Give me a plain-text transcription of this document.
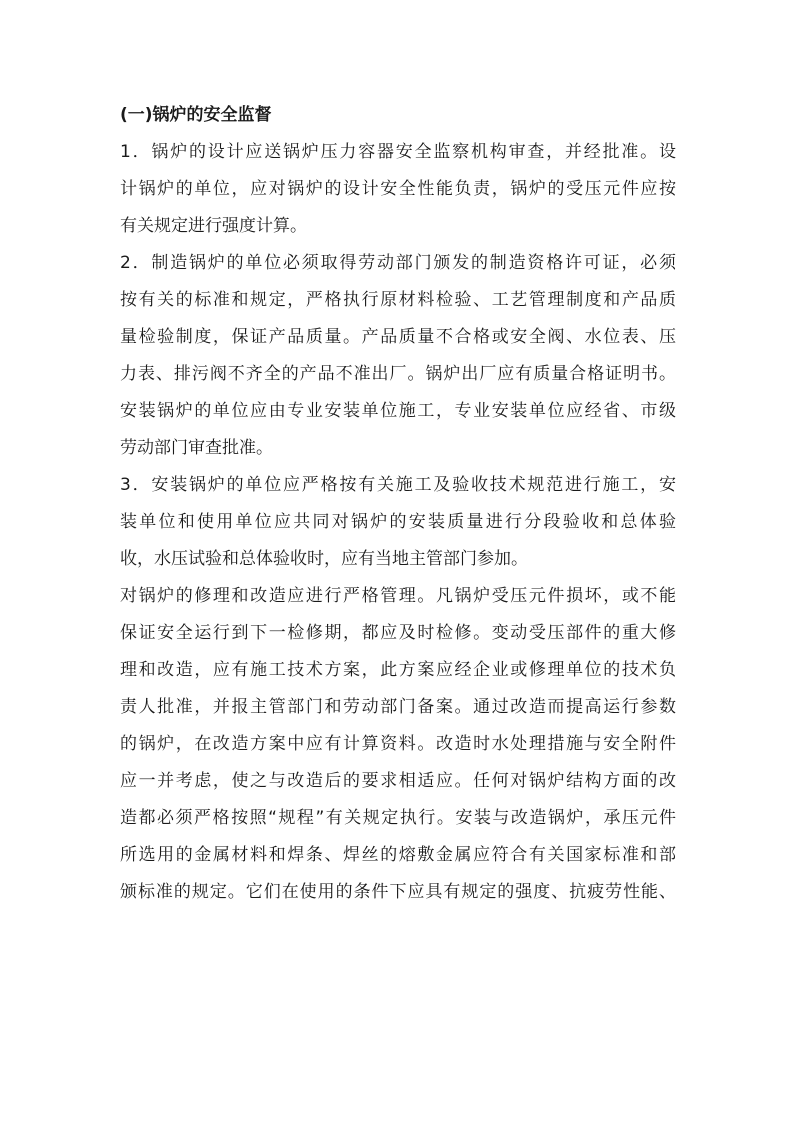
(一)锅炉的安全监督

1．锅炉的设计应送锅炉压力容器安全监察机构审查，并经批准。设
计锅炉的单位，应对锅炉的设计安全性能负责，锅炉的受压元件应按
有关规定进行强度计算。

2．制造锅炉的单位必须取得劳动部门颁发的制造资格许可证，必须
按有关的标准和规定，严格执行原材料检验、工艺管理制度和产品质
量检验制度，保证产品质量。产品质量不合格或安全阀、水位表、压
力表、排污阀不齐全的产品不准出厂。锅炉出厂应有质量合格证明书。
安装锅炉的单位应由专业安装单位施工，专业安装单位应经省、市级
劳动部门审查批准。

3．安装锅炉的单位应严格按有关施工及验收技术规范进行施工，安
装单位和使用单位应共同对锅炉的安装质量进行分段验收和总体验
收，水压试验和总体验收时，应有当地主管部门参加。

对锅炉的修理和改造应进行严格管理。凡锅炉受压元件损坏，或不能
保证安全运行到下一检修期，都应及时检修。变动受压部件的重大修
理和改造，应有施工技术方案，此方案应经企业或修理单位的技术负
责人批准，并报主管部门和劳动部门备案。通过改造而提高运行参数
的锅炉，在改造方案中应有计算资料。改造时水处理措施与安全附件
应一并考虑，使之与改造后的要求相适应。任何对锅炉结构方面的改
造都必须严格按照“规程”有关规定执行。安装与改造锅炉，承压元件
所选用的金属材料和焊条、焊丝的熔敷金属应符合有关国家标准和部
颁标准的规定。它们在使用的条件下应具有规定的强度、抗疲劳性能、
